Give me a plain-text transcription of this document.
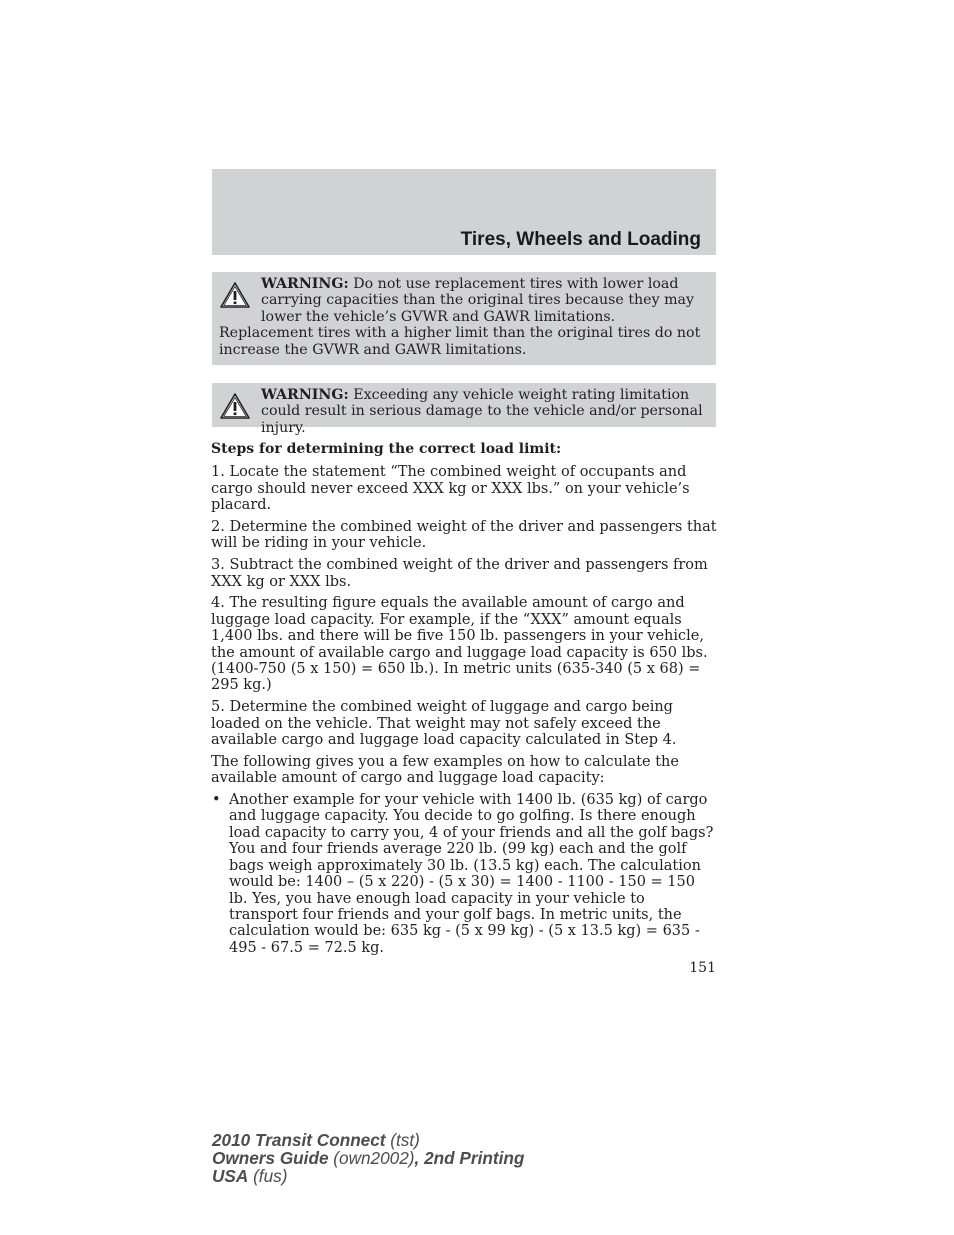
Tires, Wheels and Loading
WARNING: Do not use replacement tires with lower load carrying capacities than the original tires because they may lower the vehicle’s GVWR and GAWR limitations. Replacement tires with a higher limit than the original tires do not increase the GVWR and GAWR limitations.
WARNING: Exceeding any vehicle weight rating limitation could result in serious damage to the vehicle and/or personal injury.

Steps for determining the correct load limit:

1. Locate the statement “The combined weight of occupants and cargo should never exceed XXX kg or XXX lbs.” on your vehicle’s placard.

2. Determine the combined weight of the driver and passengers that will be riding in your vehicle.

3. Subtract the combined weight of the driver and passengers from XXX kg or XXX lbs.

4. The resulting figure equals the available amount of cargo and luggage load capacity. For example, if the “XXX” amount equals 1,400 lbs. and there will be five 150 lb. passengers in your vehicle, the amount of available cargo and luggage load capacity is 650 lbs. (1400-750 (5 x 150) = 650 lb.). In metric units (635-340 (5 x 68) = 295 kg.)

5. Determine the combined weight of luggage and cargo being loaded on the vehicle. That weight may not safely exceed the available cargo and luggage load capacity calculated in Step 4.

The following gives you a few examples on how to calculate the available amount of cargo and luggage load capacity:

• Another example for your vehicle with 1400 lb. (635 kg) of cargo and luggage capacity. You decide to go golfing. Is there enough load capacity to carry you, 4 of your friends and all the golf bags? You and four friends average 220 lb. (99 kg) each and the golf bags weigh approximately 30 lb. (13.5 kg) each. The calculation would be: 1400 – (5 x 220) - (5 x 30) = 1400 - 1100 - 150 = 150 lb. Yes, you have enough load capacity in your vehicle to transport four friends and your golf bags. In metric units, the calculation would be: 635 kg - (5 x 99 kg) - (5 x 13.5 kg) = 635 - 495 - 67.5 = 72.5 kg.
151
2010 Transit Connect (tst)
Owners Guide (own2002), 2nd Printing
USA (fus)
